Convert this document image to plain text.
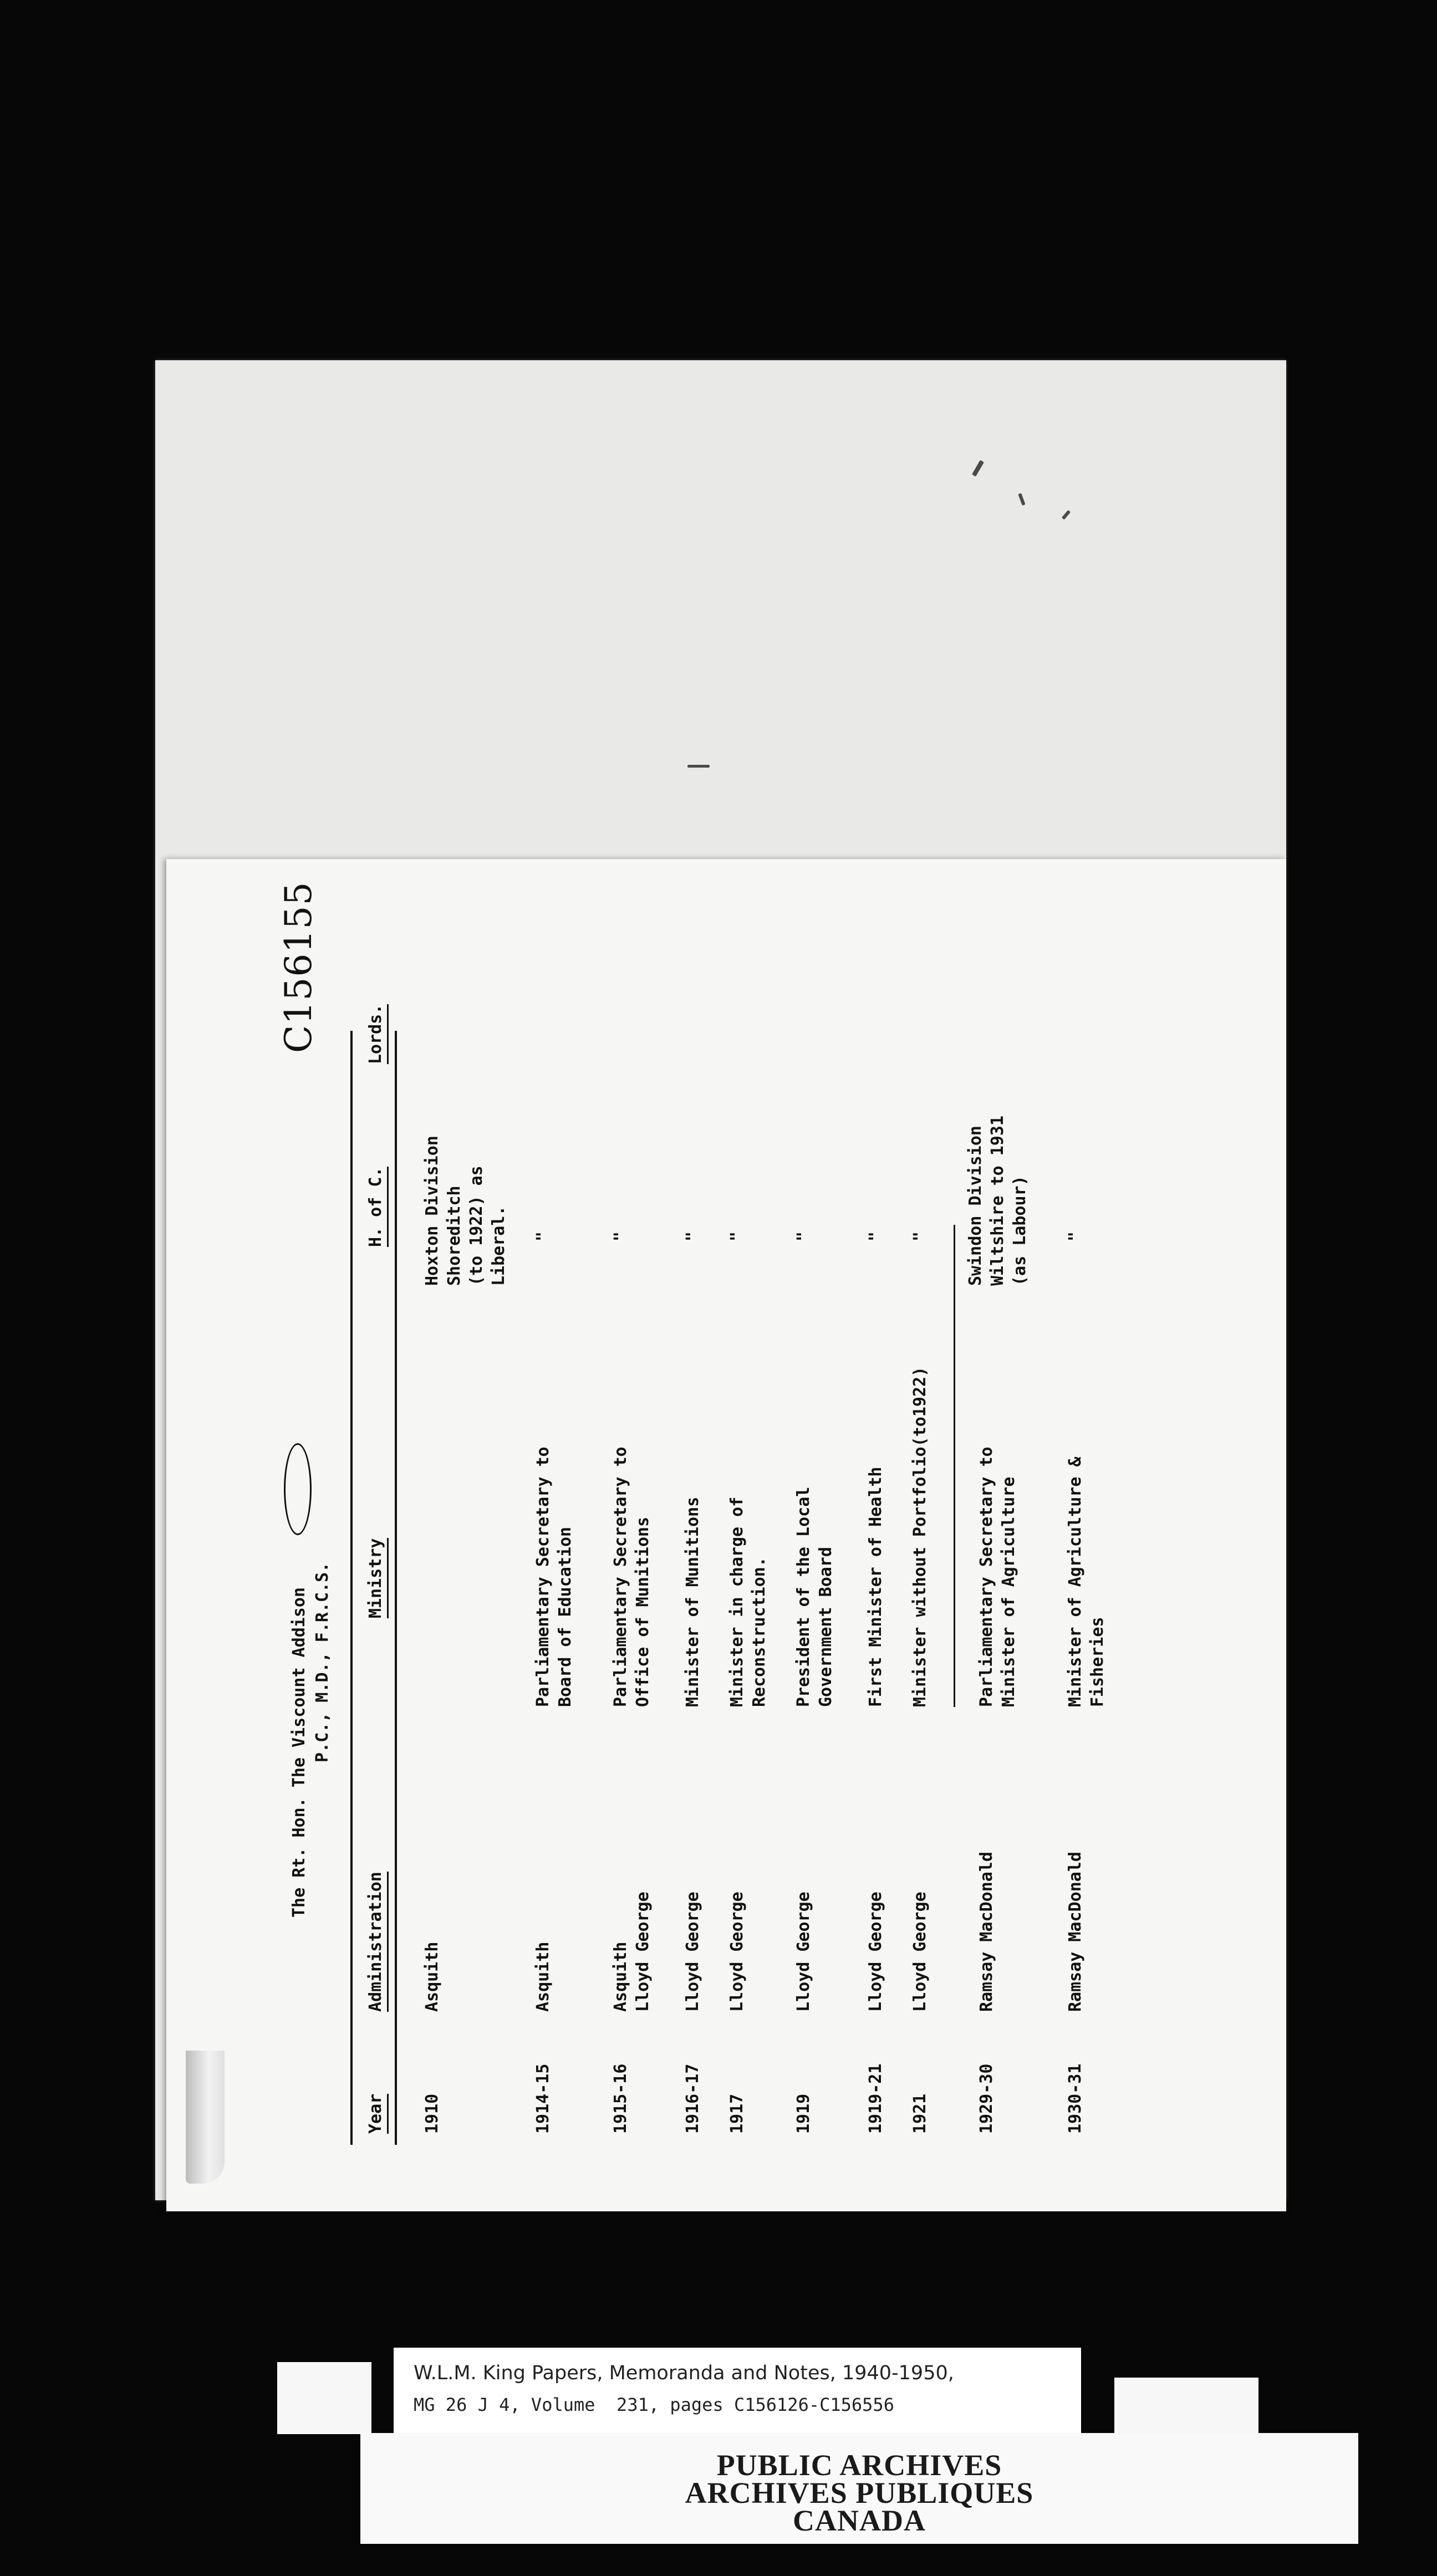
C156155
The Rt. Hon. The Viscount Addison P.C., M.D., F.R.C.S.
Year
Administration
Ministry
H. of C.
Lords.
1910
Asquith
Hoxton Division
Shoreditch
(to 1922) as
Liberal.
1914-15
Asquith
Parliamentary Secretary to
Board of Education
"
1915-16
Asquith
Lloyd George
Parliamentary Secretary to
Office of Munitions
"
1916-17
Lloyd George
Minister of Munitions
"
1917
Lloyd George
Minister in charge of
Reconstruction.
"
1919
Lloyd George
President of the Local
Government Board
"
1919-21
Lloyd George
First Minister of Health
"
1921
Lloyd George
Minister without Portfolio(to1922)
"
1929-30
Ramsay MacDonald
Parliamentary Secretary to
Minister of Agriculture
Swindon Division
Wiltshire to 1931
(as Labour)
1930-31
Ramsay MacDonald
Minister of Agriculture &
Fisheries
"
W.L.M. King Papers, Memoranda and Notes, 1940-1950,
MG 26 J 4, Volume  231, pages C156126-C156556
PUBLIC ARCHIVES
ARCHIVES PUBLIQUES
CANADA
